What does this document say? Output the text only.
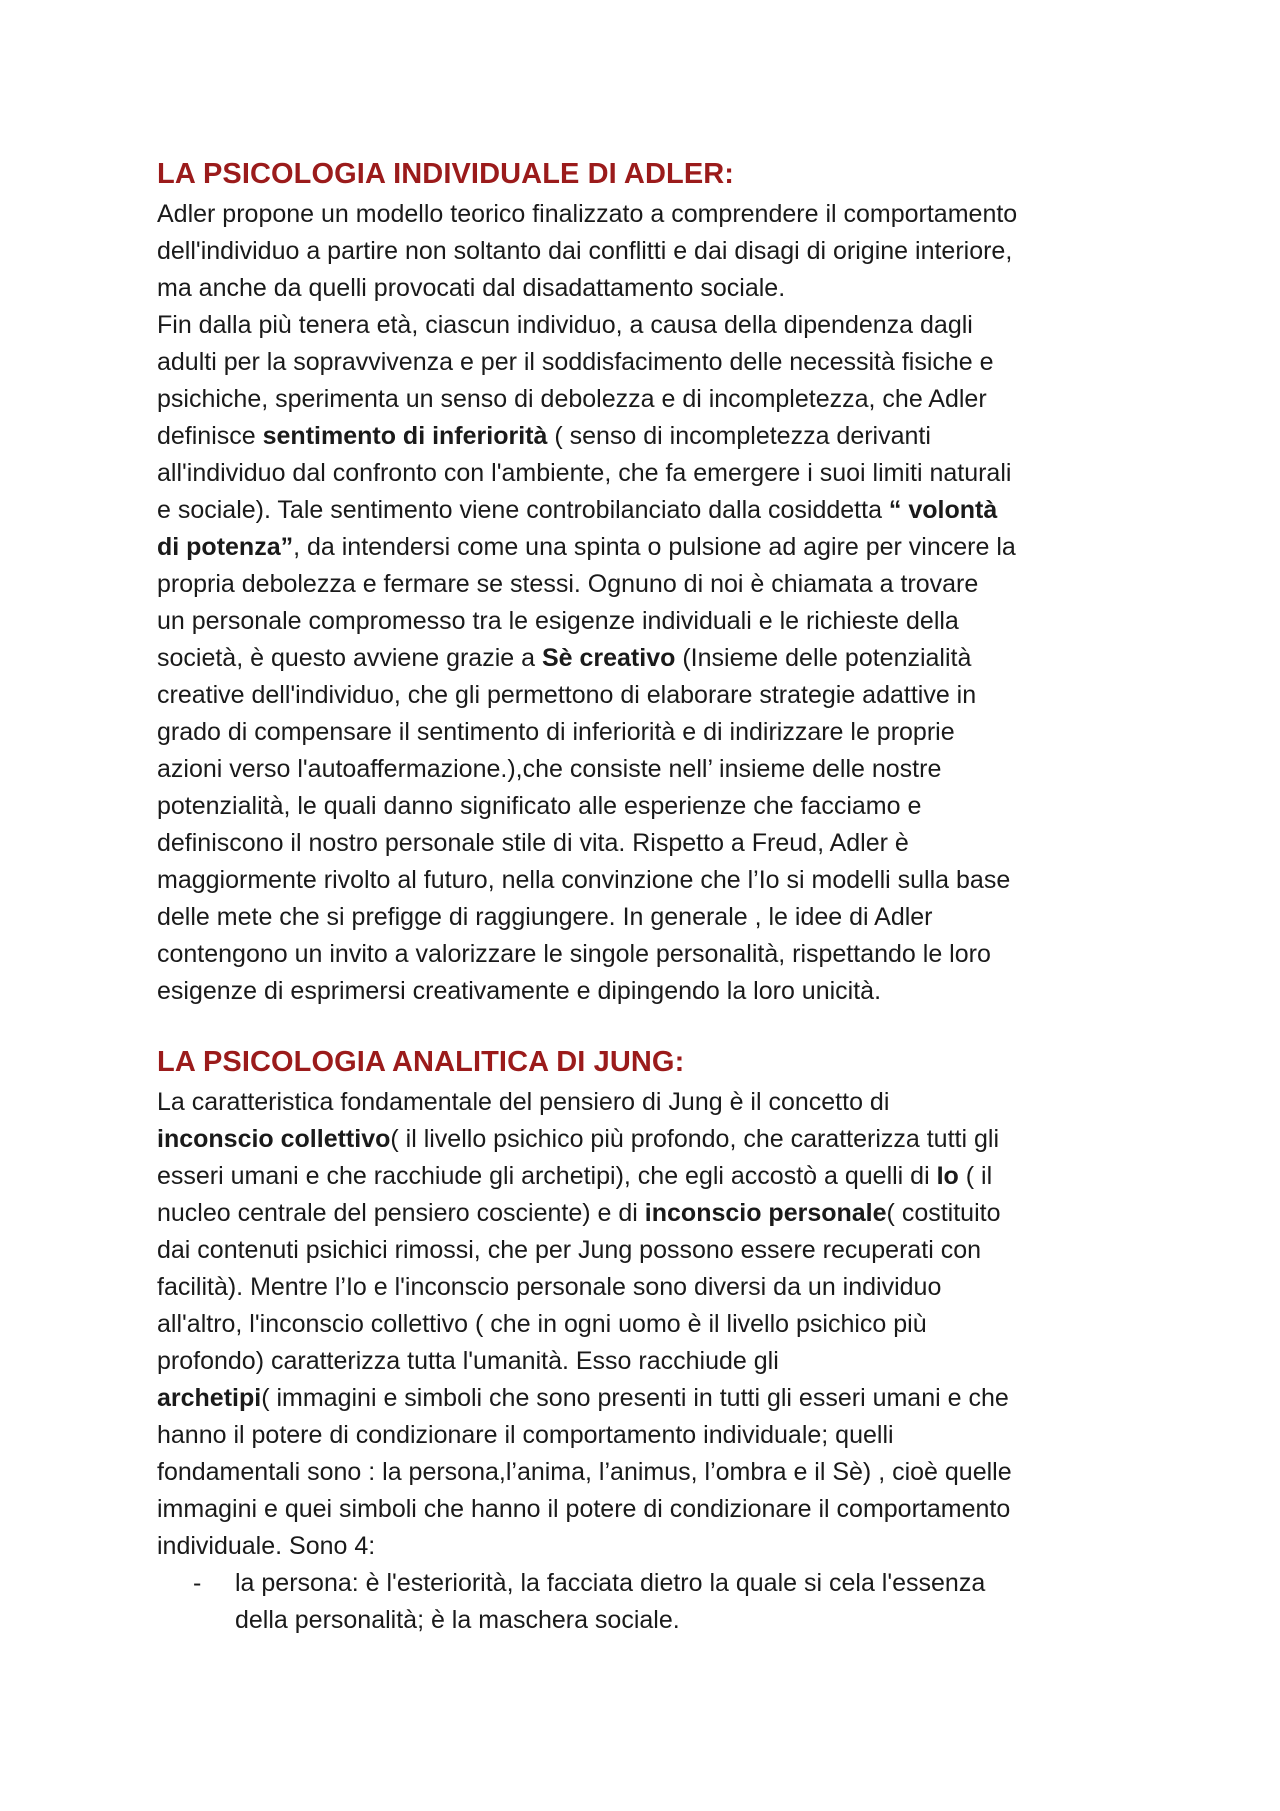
LA PSICOLOGIA INDIVIDUALE DI ADLER:
Adler propone un modello teorico finalizzato a comprendere il comportamento
dell'individuo a partire non soltanto dai conflitti e dai disagi di origine interiore,
ma anche da quelli provocati dal disadattamento sociale.
Fin dalla più tenera età, ciascun individuo, a causa della dipendenza dagli
adulti per la sopravvivenza e per il soddisfacimento delle necessità fisiche e
psichiche, sperimenta un senso di debolezza e di incompletezza, che Adler
definisce sentimento di inferiorità ( senso di incompletezza derivanti
all'individuo dal confronto con l'ambiente, che fa emergere i suoi limiti naturali
e sociale). Tale sentimento viene controbilanciato dalla cosiddetta “ volontà
di potenza”, da intendersi come una spinta o pulsione ad agire per vincere la
propria debolezza e fermare se stessi. Ognuno di noi è chiamata a trovare
un personale compromesso tra le esigenze individuali e le richieste della
società, è questo avviene grazie a Sè creativo (Insieme delle potenzialità
creative dell'individuo, che gli permettono di elaborare strategie adattive in
grado di compensare il sentimento di inferiorità e di indirizzare le proprie
azioni verso l'autoaffermazione.),che consiste nell’ insieme delle nostre
potenzialità, le quali danno significato alle esperienze che facciamo e
definiscono il nostro personale stile di vita. Rispetto a Freud, Adler è
maggiormente rivolto al futuro, nella convinzione che l’Io si modelli sulla base
delle mete che si prefigge di raggiungere. In generale , le idee di Adler
contengono un invito a valorizzare le singole personalità, rispettando le loro
esigenze di esprimersi creativamente e dipingendo la loro unicità.
LA PSICOLOGIA ANALITICA DI JUNG:
La caratteristica fondamentale del pensiero di Jung è il concetto di
inconscio collettivo( il livello psichico più profondo, che caratterizza tutti gli
esseri umani e che racchiude gli archetipi), che egli accostò a quelli di Io ( il
nucleo centrale del pensiero cosciente) e di inconscio personale( costituito
dai contenuti psichici rimossi, che per Jung possono essere recuperati con
facilità). Mentre l’Io e l'inconscio personale sono diversi da un individuo
all'altro, l'inconscio collettivo ( che in ogni uomo è il livello psichico più
profondo) caratterizza tutta l'umanità. Esso racchiude gli
archetipi( immagini e simboli che sono presenti in tutti gli esseri umani e che
hanno il potere di condizionare il comportamento individuale; quelli
fondamentali sono : la persona,l’anima, l’animus, l’ombra e il Sè) , cioè quelle
immagini e quei simboli che hanno il potere di condizionare il comportamento
individuale. Sono 4:
- la persona: è l'esteriorità, la facciata dietro la quale si cela l'essenza
della personalità; è la maschera sociale.
